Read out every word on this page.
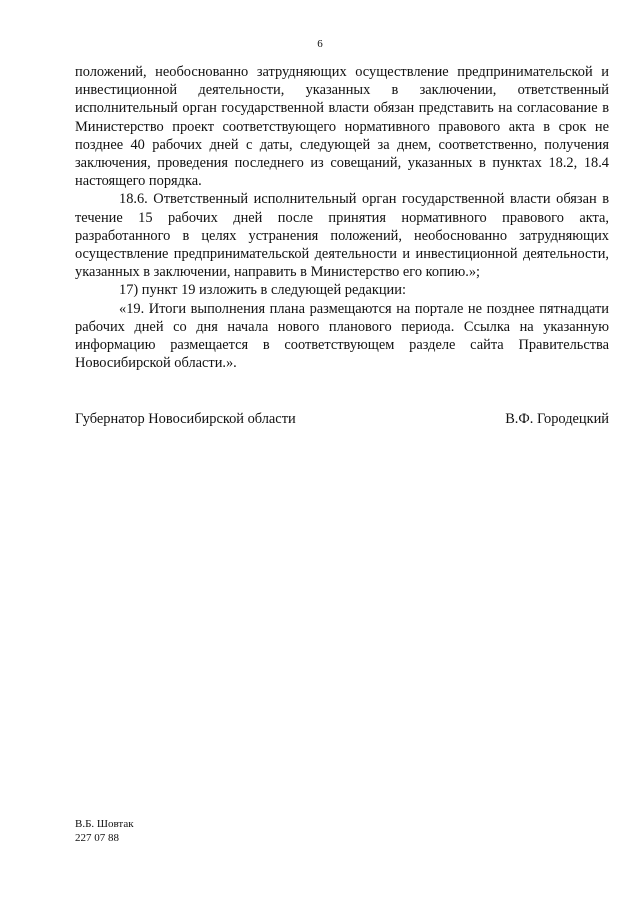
6

положений, необоснованно затрудняющих осуществление предпринимательской и инвестиционной деятельности, указанных в заключении, ответственный исполнительный орган государственной власти обязан представить на согласование в Министерство проект соответствующего нормативного правового акта в срок не позднее 40 рабочих дней с даты, следующей за днем, соответственно, получения заключения, проведения последнего из совещаний, указанных в пунктах 18.2, 18.4 настоящего порядка.

18.6. Ответственный исполнительный орган государственной власти обязан в течение 15 рабочих дней после принятия нормативного правового акта, разработанного в целях устранения положений, необоснованно затрудняющих осуществление предпринимательской деятельности и инвестиционной деятельности, указанных в заключении, направить в Министерство его копию.»;

17) пункт 19 изложить в следующей редакции:

«19. Итоги выполнения плана размещаются на портале не позднее пятнадцати рабочих дней со дня начала нового планового периода. Ссылка на указанную информацию размещается в соответствующем разделе сайта Правительства Новосибирской области.».

Губернатор Новосибирской области	В.Ф. Городецкий
В.Б. Шовтак
227 07 88
